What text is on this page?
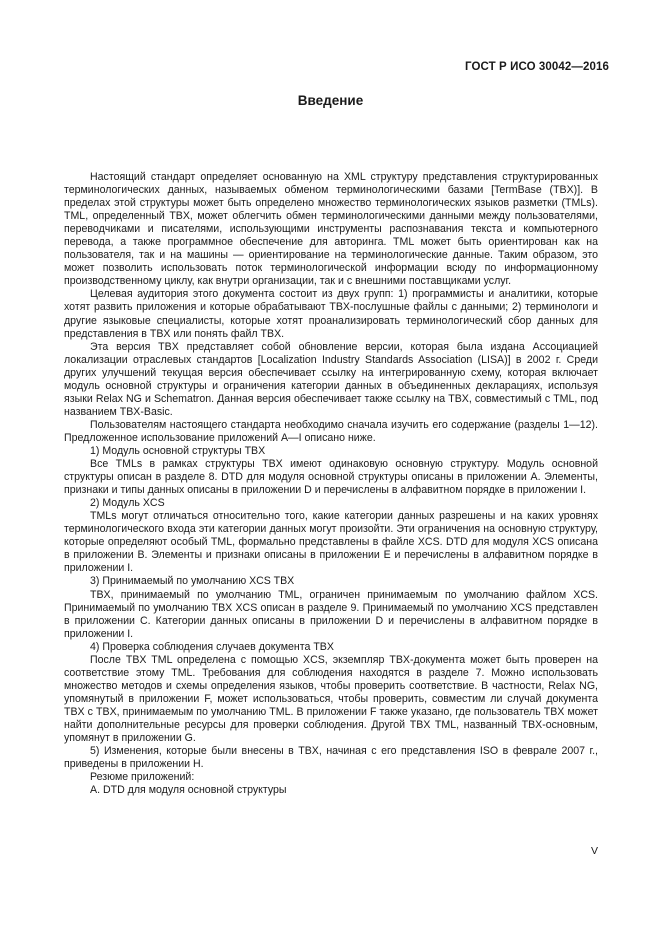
ГОСТ Р ИСО 30042—2016
Введение

Настоящий стандарт определяет основанную на XML структуру представления структурированных терминологических данных, называемых обменом терминологическими базами [TermBase (TBX)]. В пределах этой структуры может быть определено множество терминологических языков разметки (TMLs). TML, определенный TBX, может облегчить обмен терминологическими данными между пользователями, переводчиками и писателями, использующими инструменты распознавания текста и компьютерного перевода, а также программное обеспечение для авторинга. TML может быть ориентирован как на пользователя, так и на машины — ориентирование на терминологические данные. Таким образом, это может позволить использовать поток терминологической информации всюду по информационному производственному циклу, как внутри организации, так и с внешними поставщиками услуг.

Целевая аудитория этого документа состоит из двух групп: 1) программисты и аналитики, которые хотят развить приложения и которые обрабатывают TBX-послушные файлы с данными; 2) терминологи и другие языковые специалисты, которые хотят проанализировать терминологический сбор данных для представления в TBX или понять файл TBX.

Эта версия TBX представляет собой обновление версии, которая была издана Ассоциацией локализации отраслевых стандартов [Localization Industry Standards Association (LISA)] в 2002 г. Среди других улучшений текущая версия обеспечивает ссылку на интегрированную схему, которая включает модуль основной структуры и ограничения категории данных в объединенных декларациях, используя языки Relax NG и Schematron. Данная версия обеспечивает также ссылку на TBX, совместимый с TML, под названием TBX-Basic.

Пользователям настоящего стандарта необходимо сначала изучить его содержание (разделы 1—12). Предложенное использование приложений А—I описано ниже.

1) Модуль основной структуры TBX

Все TMLs в рамках структуры TBX имеют одинаковую основную структуру. Модуль основной структуры описан в разделе 8. DTD для модуля основной структуры описаны в приложении А. Элементы, признаки и типы данных описаны в приложении D и перечислены в алфавитном порядке в приложении I.

2) Модуль XCS

TMLs могут отличаться относительно того, какие категории данных разрешены и на каких уровнях терминологического входа эти категории данных могут произойти. Эти ограничения на основную структуру, которые определяют особый TML, формально представлены в файле XCS. DTD для модуля XCS описана в приложении В. Элементы и признаки описаны в приложении Е и перечислены в алфавитном порядке в приложении I.

3) Принимаемый по умолчанию XCS TBX

TBX, принимаемый по умолчанию TML, ограничен принимаемым по умолчанию файлом XCS. Принимаемый по умолчанию TBX XCS описан в разделе 9. Принимаемый по умолчанию XCS представлен в приложении С. Категории данных описаны в приложении D и перечислены в алфавитном порядке в приложении I.

4) Проверка соблюдения случаев документа TBX

После TBX TML определена с помощью XCS, экземпляр TBX-документа может быть проверен на соответствие этому TML. Требования для соблюдения находятся в разделе 7. Можно использовать множество методов и схемы определения языков, чтобы проверить соответствие. В частности, Relax NG, упомянутый в приложении F, может использоваться, чтобы проверить, совместим ли случай документа TBX с TBX, принимаемым по умолчанию TML. В приложении F также указано, где пользователь TBX может найти дополнительные ресурсы для проверки соблюдения. Другой TBX TML, названный TBX-основным, упомянут в приложении G.

5) Изменения, которые были внесены в TBX, начиная с его представления ISO в феврале 2007 г., приведены в приложении Н.

Резюме приложений:

А. DTD для модуля основной структуры

V
